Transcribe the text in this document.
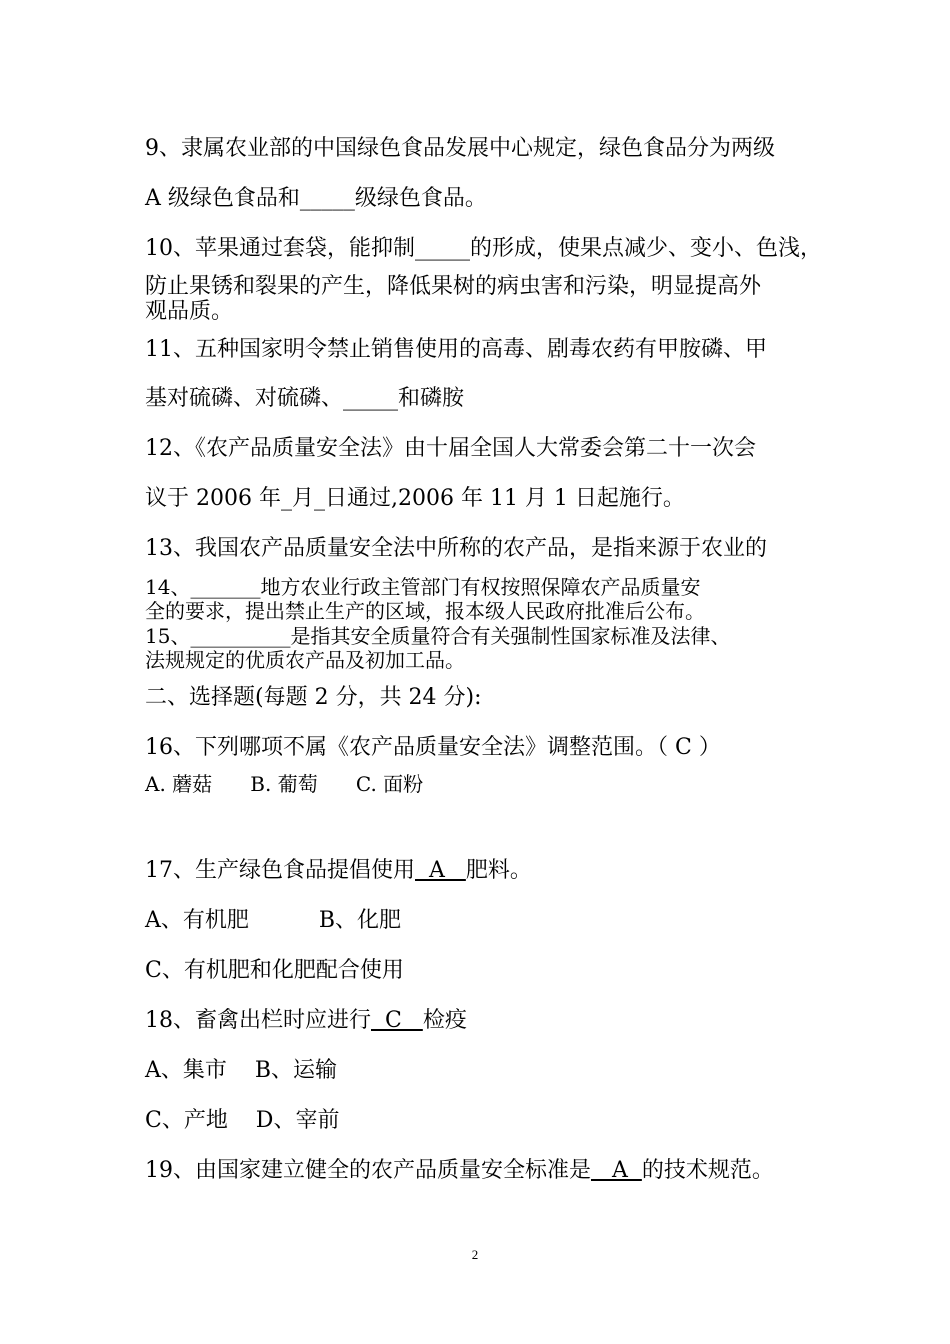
9、隶属农业部的中国绿色食品发展中心规定，绿色食品分为两级
A 级绿色食品和_____级绿色食品。
10、苹果通过套袋，能抑制_____的形成，使果点减少、变小、色浅，
防止果锈和裂果的产生，降低果树的病虫害和污染，明显提高外
观品质。
11、五种国家明令禁止销售使用的高毒、剧毒农药有甲胺磷、甲
基对硫磷、对硫磷、_____和磷胺
12、《农产品质量安全法》由十届全国人大常委会第二十一次会
议于 2006 年_月_日通过,2006 年 11 月 1 日起施行。
13、我国农产品质量安全法中所称的农产品，是指来源于农业的
14、_______地方农业行政主管部门有权按照保障农产品质量安
全的要求，提出禁止生产的区域，报本级人民政府批准后公布。
15、__________是指其安全质量符合有关强制性国家标准及法律、
法规规定的优质农产品及初加工品。
二、选择题(每题 2 分，共 24 分):
16、下列哪项不属《农产品质量安全法》调整范围。（ C ）
A. 蘑菇      B. 葡萄      C. 面粉
17、生产绿色食品提倡使用  A   肥料。
A、有机肥          B、化肥
C、有机肥和化肥配合使用
18、畜禽出栏时应进行  C   检疫
A、集市    B、运输
C、产地    D、宰前
19、由国家建立健全的农产品质量安全标准是   A  的技术规范。
2
